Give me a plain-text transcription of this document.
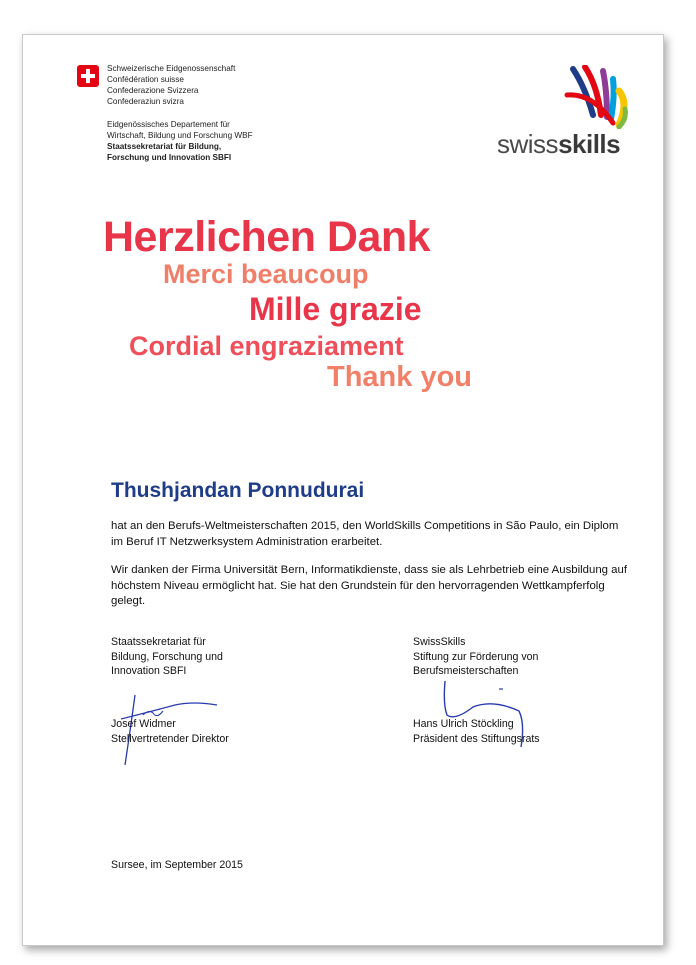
Schweizerische Eidgenossenschaft
Confédération suisse
Confederazione Svizzera
Confederaziun svizra
Eidgenössisches Departement für
Wirtschaft, Bildung und Forschung WBF
Staatssekretariat für Bildung,
Forschung und Innovation SBFI	swissskills
Herzlichen Dank
Merci beaucoup
Mille grazie
Cordial engraziament
Thank you
Thushjandan Ponnudurai
hat an den Berufs-Weltmeisterschaften 2015, den WorldSkills Competitions in São Paulo, ein Diplom im Beruf IT Netzwerksystem Administration erarbeitet.
Wir danken der Firma Universität Bern, Informatikdienste, dass sie als Lehrbetrieb eine Ausbildung auf höchstem Niveau ermöglicht hat. Sie hat den Grundstein für den hervorragenden Wettkampferfolg gelegt.
Staatssekretariat für
Bildung, Forschung und
Innovation SBFI
Josef Widmer
Stellvertretender Direktor
SwissSkills
Stiftung zur Förderung von
Berufsmeisterschaften
Hans Ulrich Stöckling
Präsident des Stiftungsrats
Sursee, im September 2015
